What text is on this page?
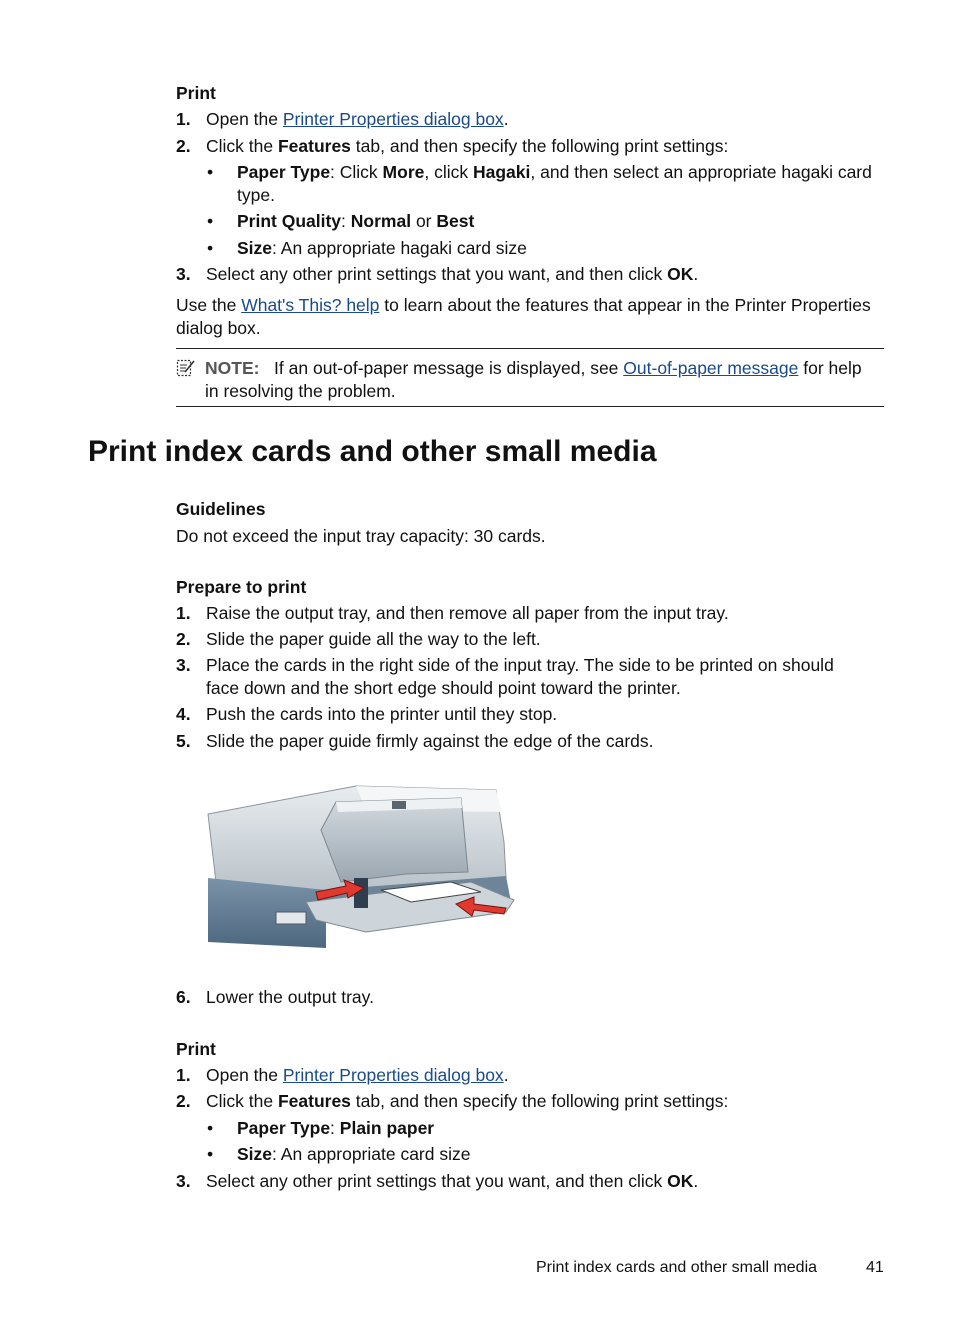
Print
1. Open the Printer Properties dialog box.
2. Click the Features tab, and then specify the following print settings:
• Paper Type: Click More, click Hagaki, and then select an appropriate hagaki card
type.
• Print Quality: Normal or Best
• Size: An appropriate hagaki card size
3. Select any other print settings that you want, and then click OK.
Use the What's This? help to learn about the features that appear in the Printer Properties
dialog box.
NOTE: If an out-of-paper message is displayed, see Out-of-paper message for help
in resolving the problem.
Print index cards and other small media
Guidelines
Do not exceed the input tray capacity: 30 cards.
Prepare to print
1. Raise the output tray, and then remove all paper from the input tray.
2. Slide the paper guide all the way to the left.
3. Place the cards in the right side of the input tray. The side to be printed on should
face down and the short edge should point toward the printer.
4. Push the cards into the printer until they stop.
5. Slide the paper guide firmly against the edge of the cards.
6. Lower the output tray.
Print
1. Open the Printer Properties dialog box.
2. Click the Features tab, and then specify the following print settings:
• Paper Type: Plain paper
• Size: An appropriate card size
3. Select any other print settings that you want, and then click OK.
Print index cards and other small media	41
